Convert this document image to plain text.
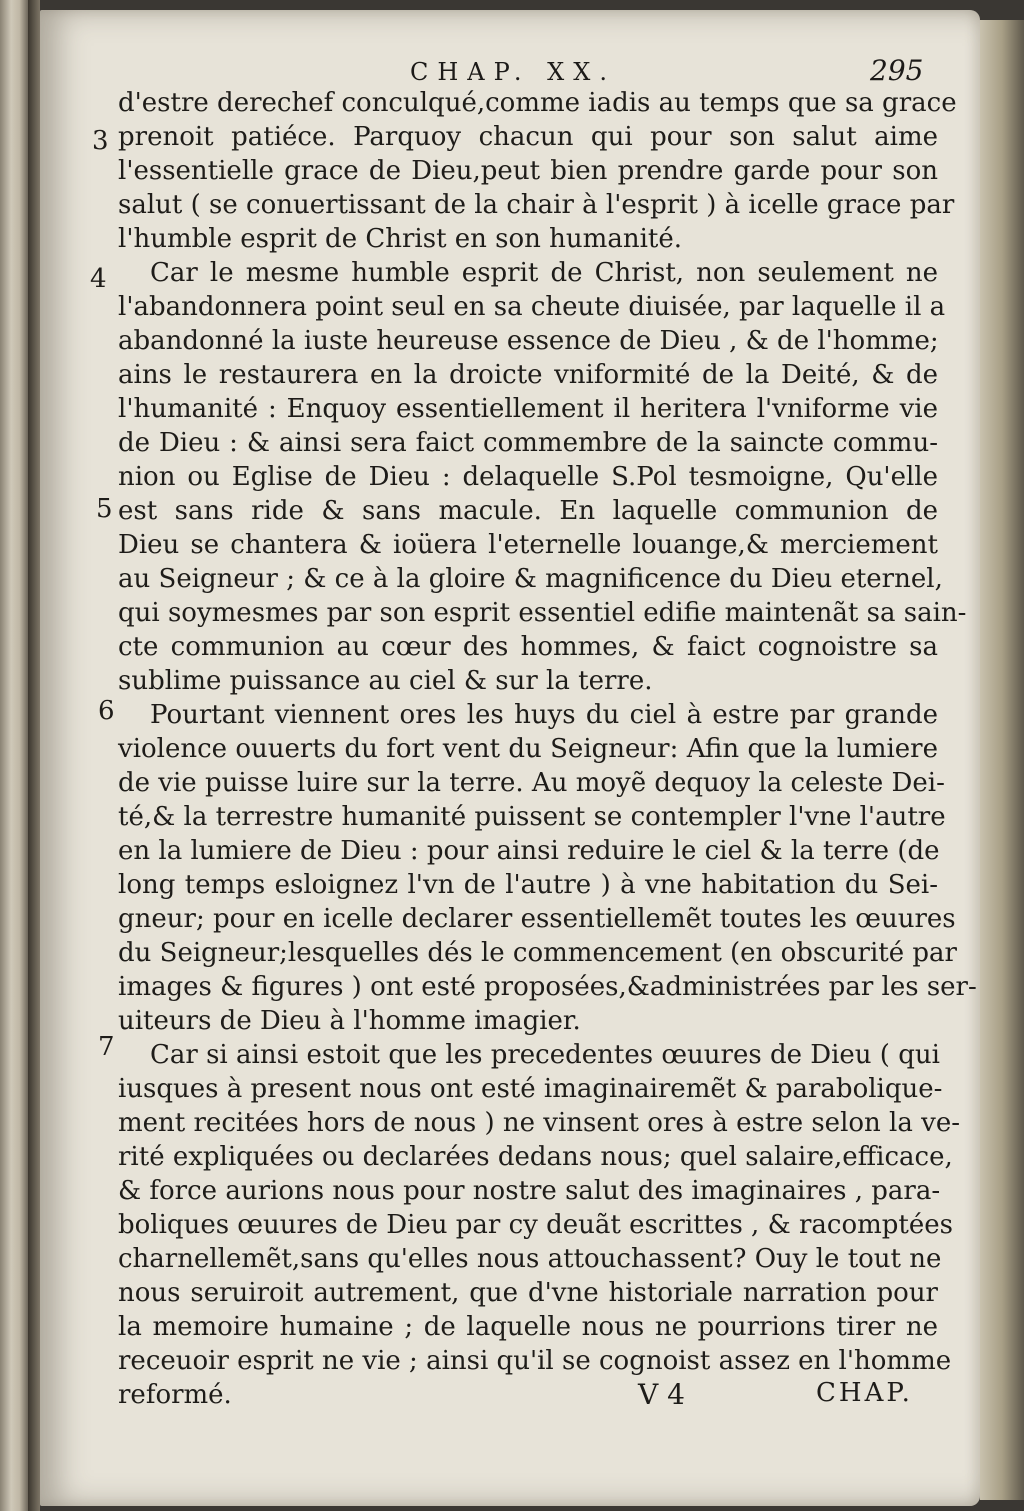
CHAP. XX.	295
3
4
5
6
7
d'estre derechef conculqué,comme iadis au temps que sa grace
prenoit patiéce. Parquoy chacun qui pour son salut aime
l'essentielle grace de Dieu,peut bien prendre garde pour son
salut ( se conuertissant de la chair à l'esprit ) à icelle grace par
l'humble esprit de Christ en son humanité.
Car le mesme humble esprit de Christ, non seulement ne
l'abandonnera point seul en sa cheute diuisée, par laquelle il a
abandonné la iuste heureuse essence de Dieu , & de l'homme;
ains le restaurera en la droicte vniformité de la Deité, & de
l'humanité : Enquoy essentiellement il heritera l'vniforme vie
de Dieu : & ainsi sera faict commembre de la saincte commu-
nion ou Eglise de Dieu : delaquelle S.Pol tesmoigne, Qu'elle
est sans ride & sans macule. En laquelle communion de
Dieu se chantera & ioüera l'eternelle louange,& merciement
au Seigneur ; & ce à la gloire & magnificence du Dieu eternel,
qui soymesmes par son esprit essentiel edifie maintenãt sa sain-
cte communion au cœur des hommes, & faict cognoistre sa
sublime puissance au ciel & sur la terre.
Pourtant viennent ores les huys du ciel à estre par grande
violence ouuerts du fort vent du Seigneur: Afin que la lumiere
de vie puisse luire sur la terre. Au moyẽ dequoy la celeste Dei-
té,& la terrestre humanité puissent se contempler l'vne l'autre
en la lumiere de Dieu : pour ainsi reduire le ciel & la terre (de
long temps esloignez l'vn de l'autre ) à vne habitation du Sei-
gneur; pour en icelle declarer essentiellemẽt toutes les œuures
du Seigneur;lesquelles dés le commencement (en obscurité par
images & figures ) ont esté proposées,&administrées par les ser-
uiteurs de Dieu à l'homme imagier.
Car si ainsi estoit que les precedentes œuures de Dieu ( qui
iusques à present nous ont esté imaginairemẽt & parabolique-
ment recitées hors de nous ) ne vinsent ores à estre selon la ve-
rité expliquées ou declarées dedans nous; quel salaire,efficace,
& force aurions nous pour nostre salut des imaginaires , para-
boliques œuures de Dieu par cy deuãt escrittes , & racomptées
charnellemẽt,sans qu'elles nous attouchassent? Ouy le tout ne
nous seruiroit autrement, que d'vne historiale narration pour
la memoire humaine ; de laquelle nous ne pourrions tirer ne
receuoir esprit ne vie ; ainsi qu'il se cognoist assez en l'homme
reformé.	V 4	CHAP.
